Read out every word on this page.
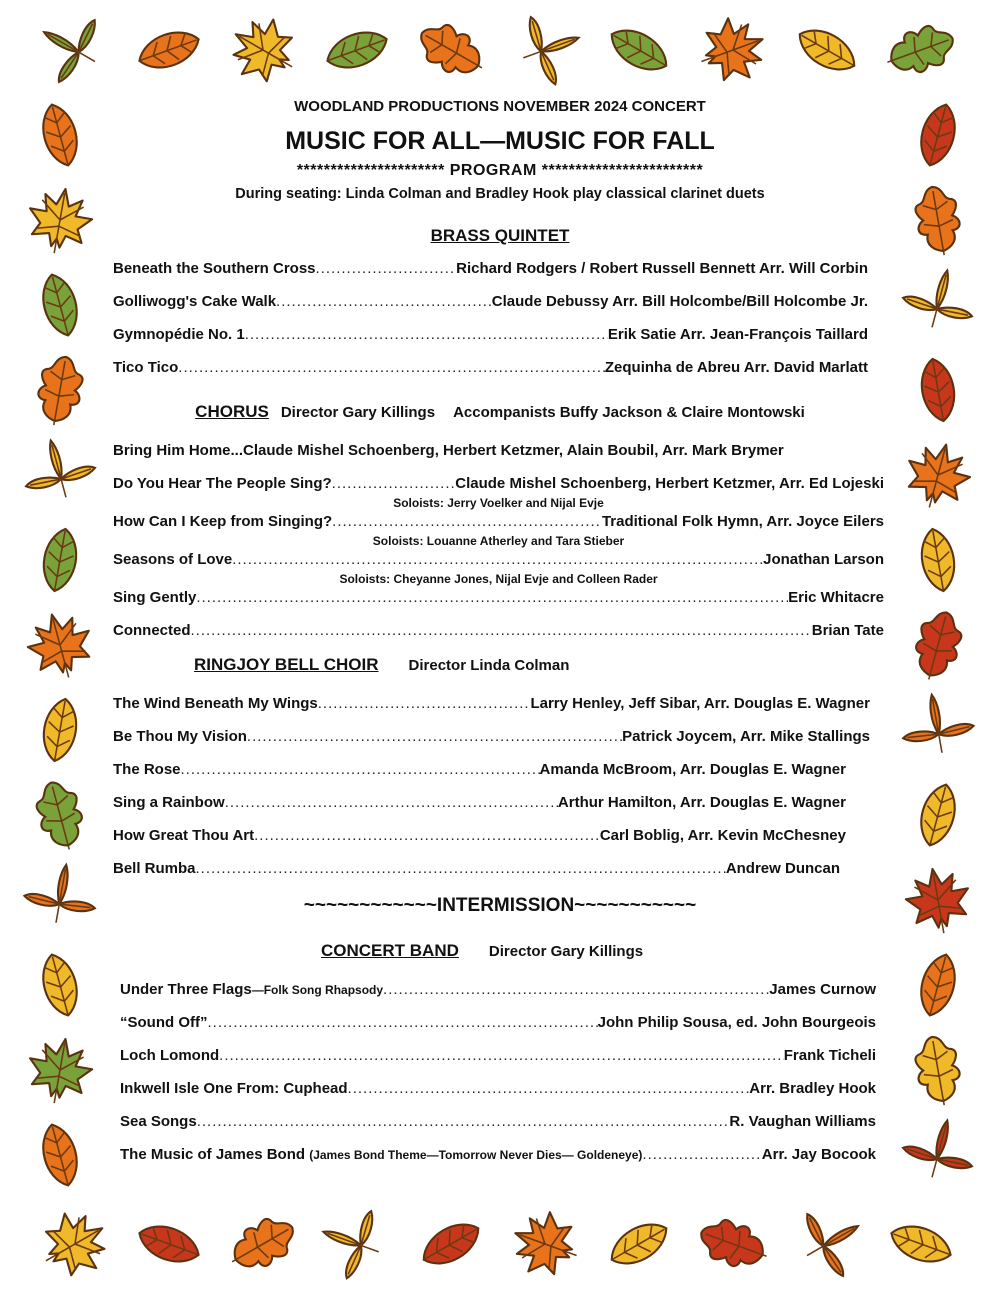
WOODLAND PRODUCTIONS NOVEMBER 2024 CONCERT

MUSIC FOR ALL—MUSIC FOR FALL

********************** PROGRAM ************************

During seating: Linda Colman and Bradley Hook play classical clarinet duets

BRASS QUINTET

Beneath the Southern Cross .....	Richard Rodgers / Robert Russell Bennett Arr. Will Corbin
Golliwogg's Cake Walk .....	Claude Debussy Arr. Bill Holcombe/Bill Holcombe Jr.
Gymnopédie No. 1 .....	Erik Satie Arr. Jean-François Taillard
Tico Tico .....	Zequinha de Abreu Arr. David Marlatt

CHORUS Director Gary Killings Accompanists Buffy Jackson & Claire Montowski

Bring Him Home...Claude Mishel Schoenberg, Herbert Ketzmer, Alain Boubil, Arr. Mark Brymer
Do You Hear The People Sing? .....	Claude Mishel Schoenberg, Herbert Ketzmer, Arr. Ed Lojeski
Soloists: Jerry Voelker and Nijal Evje
How Can I Keep from Singing? .....	Traditional Folk Hymn, Arr. Joyce Eilers
Soloists: Louanne Atherley and Tara Stieber
Seasons of Love .....	Jonathan Larson
Soloists: Cheyanne Jones, Nijal Evje and Colleen Rader
Sing Gently .....	Eric Whitacre
Connected .....	Brian Tate

RINGJOY BELL CHOIR Director Linda Colman

The Wind Beneath My Wings .....	Larry Henley, Jeff Sibar, Arr. Douglas E. Wagner
Be Thou My Vision .....	Patrick Joycem, Arr. Mike Stallings
The Rose .....	Amanda McBroom, Arr. Douglas E. Wagner
Sing a Rainbow .....	Arthur Hamilton, Arr. Douglas E. Wagner
How Great Thou Art .....	Carl Boblig, Arr. Kevin McChesney
Bell Rumba .....	Andrew Duncan

~~~~~~~~~~~~INTERMISSION~~~~~~~~~~~

CONCERT BAND Director Gary Killings

Under Three Flags—Folk Song Rhapsody .....	James Curnow
“Sound Off” .....	John Philip Sousa, ed. John Bourgeois
Loch Lomond .....	Frank Ticheli
Inkwell Isle One From: Cuphead .....	Arr. Bradley Hook
Sea Songs .....	R. Vaughan Williams
The Music of James Bond (James Bond Theme—Tomorrow Never Dies— Goldeneye) .....	Arr. Jay Bocook
